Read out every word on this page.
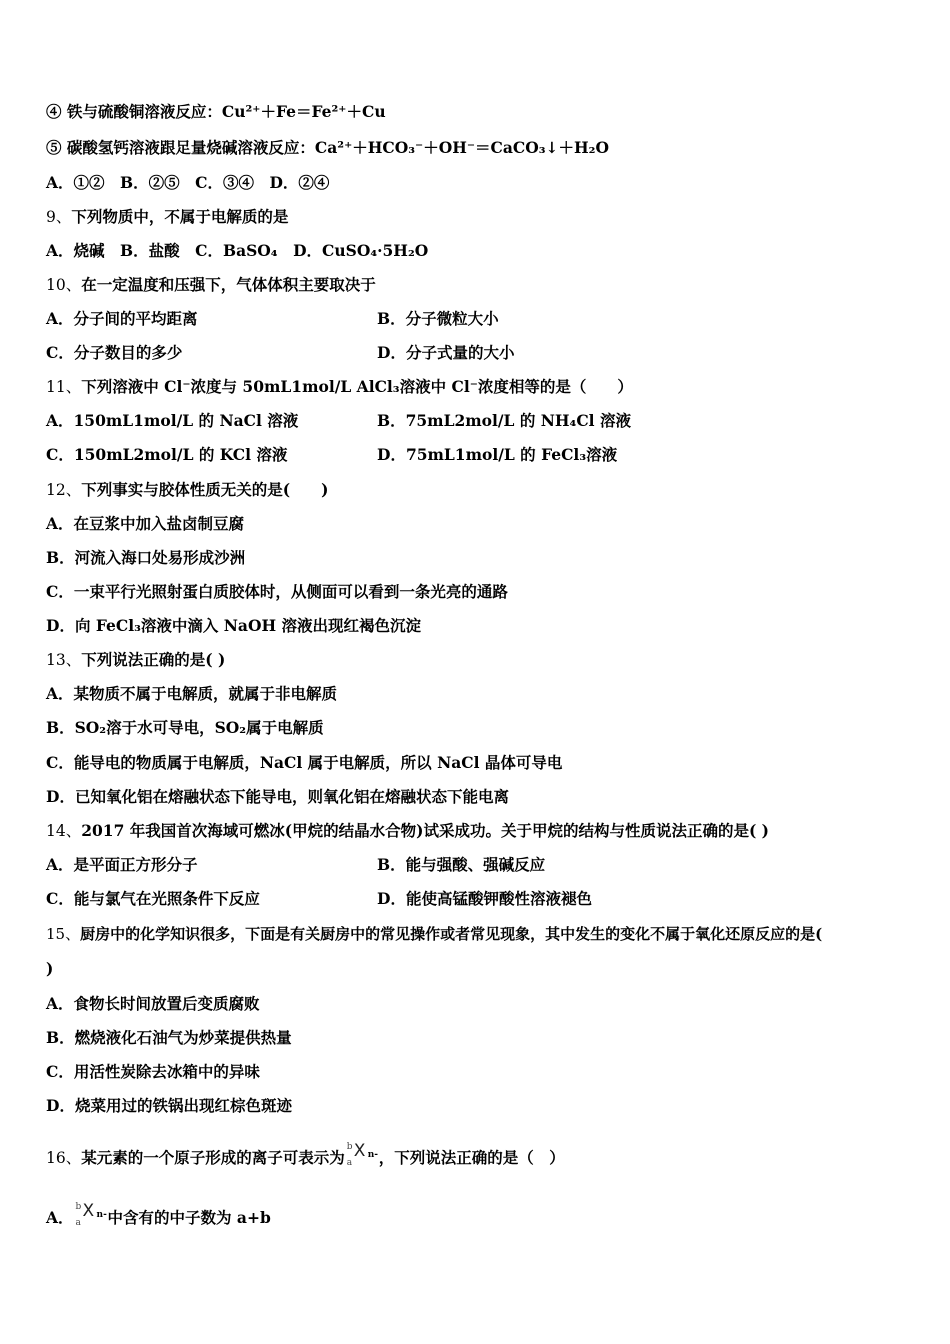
④ 铁与硫酸铜溶液反应：Cu²⁺＋Fe＝Fe²⁺＋Cu
⑤ 碳酸氢钙溶液跟足量烧碱溶液反应：Ca²⁺＋HCO₃⁻＋OH⁻＝CaCO₃↓＋H₂O
A．①②　B．②⑤　C．③④　D．②④
9、下列物质中，不属于电解质的是
A．烧碱　B．盐酸　C．BaSO₄　D．CuSO₄·5H₂O
10、在一定温度和压强下，气体体积主要取决于
A．分子间的平均距离	B．分子微粒大小
C．分子数目的多少	D．分子式量的大小
11、下列溶液中 Cl⁻浓度与 50mL1mol/L AlCl₃溶液中 Cl⁻浓度相等的是（　　）
A．150mL1mol/L 的 NaCl 溶液	B．75mL2mol/L 的 NH₄Cl 溶液
C．150mL2mol/L 的 KCl 溶液	D．75mL1mol/L 的 FeCl₃溶液
12、下列事实与胶体性质无关的是(　　)
A．在豆浆中加入盐卤制豆腐
B．河流入海口处易形成沙洲
C．一束平行光照射蛋白质胶体时，从侧面可以看到一条光亮的通路
D．向 FeCl₃溶液中滴入 NaOH 溶液出现红褐色沉淀
13、下列说法正确的是( )
A．某物质不属于电解质，就属于非电解质
B．SO₂溶于水可导电，SO₂属于电解质
C．能导电的物质属于电解质，NaCl 属于电解质，所以 NaCl 晶体可导电
D．已知氧化铝在熔融状态下能导电，则氧化铝在熔融状态下能电离
14、2017 年我国首次海域可燃冰(甲烷的结晶水合物)试采成功。关于甲烷的结构与性质说法正确的是( )
A．是平面正方形分子	B．能与强酸、强碱反应
C．能与氯气在光照条件下反应	D．能使高锰酸钾酸性溶液褪色
15、厨房中的化学知识很多，下面是有关厨房中的常见操作或者常见现象，其中发生的变化不属于氧化还原反应的是(
)
A．食物长时间放置后变质腐败
B．燃烧液化石油气为炒菜提供热量
C．用活性炭除去冰箱中的异味
D．烧菜用过的铁锅出现红棕色斑迹
16、某元素的一个原子形成的离子可表示为
b
a
X n- ，下列说法正确的是（　）
A．
b
a
X n- 中含有的中子数为 a+b
